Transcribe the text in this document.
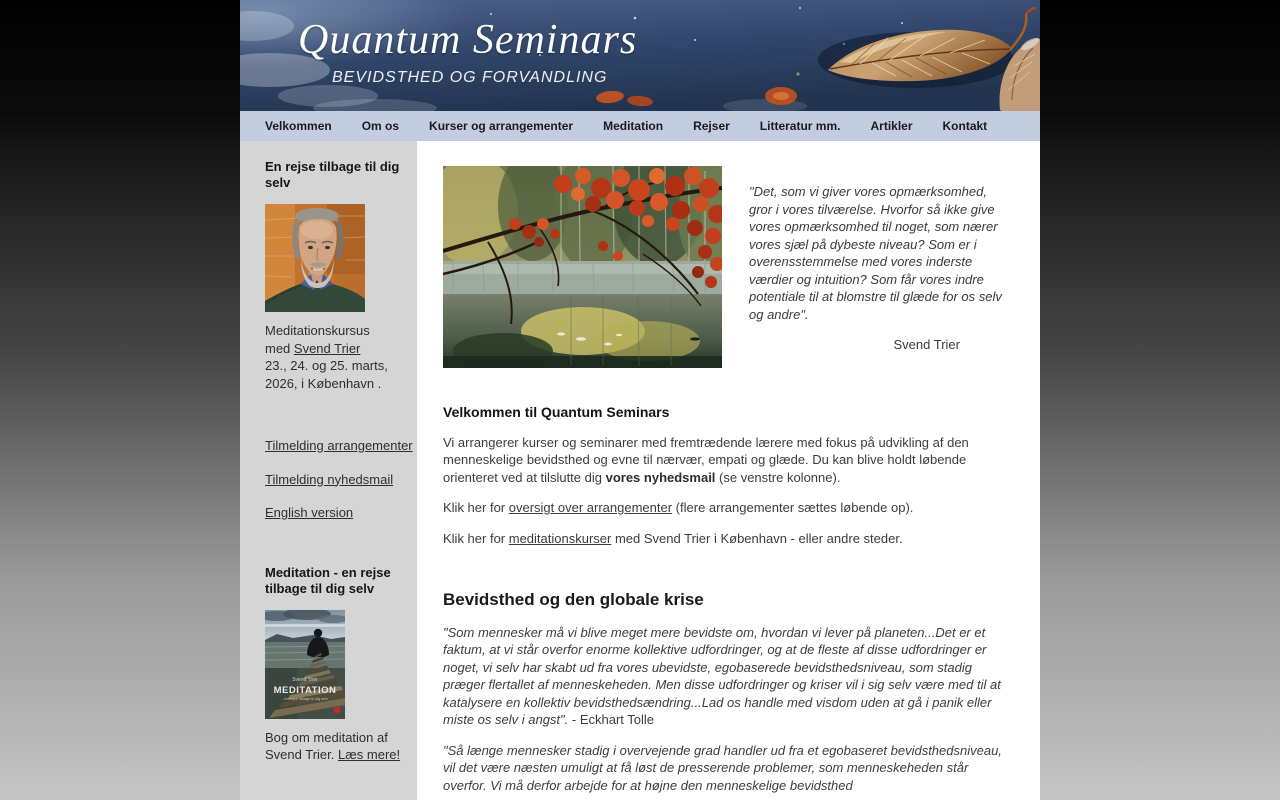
Quantum Seminars
BEVIDSTHED OG FORVANDLING
Velkommen	Om os	Kurser og arrangementer	Meditation	Rejser	Litteratur mm.	Artikler	Kontakt
En rejse tilbage til dig selv
Meditationskursus
med Svend Trier
23., 24. og 25. marts,
2026, i København .

Tilmelding arrangementer

Tilmelding nyhedsmail

English version

Meditation - en rejse tilbage til dig selv
Svend Trier
MEDITATION
- en rejse tilbage til dig selv
Bog om meditation af Svend Trier. Læs mere!
"Det, som vi giver vores opmærksomhed, gror i vores tilværelse. Hvorfor så ikke give vores opmærksomhed til noget, som nærer vores sjæl på dybeste niveau? Som er i overensstemmelse med vores inderste værdier og intuition? Som får vores indre potentiale til at blomstre til glæde for os selv og andre".
Svend Trier
Velkommen til Quantum Seminars

Vi arrangerer kurser og seminarer med fremtrædende lærere med fokus på udvikling af den menneskelige bevidsthed og evne til nærvær, empati og glæde. Du kan blive holdt løbende orienteret ved at tilslutte dig vores nyhedsmail (se venstre kolonne).

Klik her for oversigt over arrangementer (flere arrangementer sættes løbende op).

Klik her for meditationskurser med Svend Trier i København - eller andre steder.

Bevidsthed og den globale krise

"Som mennesker må vi blive meget mere bevidste om, hvordan vi lever på planeten...Det er et faktum, at vi står overfor enorme kollektive udfordringer, og at de fleste af disse udfordringer er noget, vi selv har skabt ud fra vores ubevidste, egobaserede bevidsthedsniveau, som stadig præger flertallet af menneskeheden. Men disse udfordringer og kriser vil i sig selv være med til at katalysere en kollektiv bevidsthedsændring...Lad os handle med visdom uden at gå i panik eller miste os selv i angst". - Eckhart Tolle

"Så længe mennesker stadig i overvejende grad handler ud fra et egobaseret bevidsthedsniveau, vil det være næsten umuligt at få løst de presserende problemer, som menneskeheden står overfor. Vi må derfor arbejde for at højne den menneskelige bevidsthed
